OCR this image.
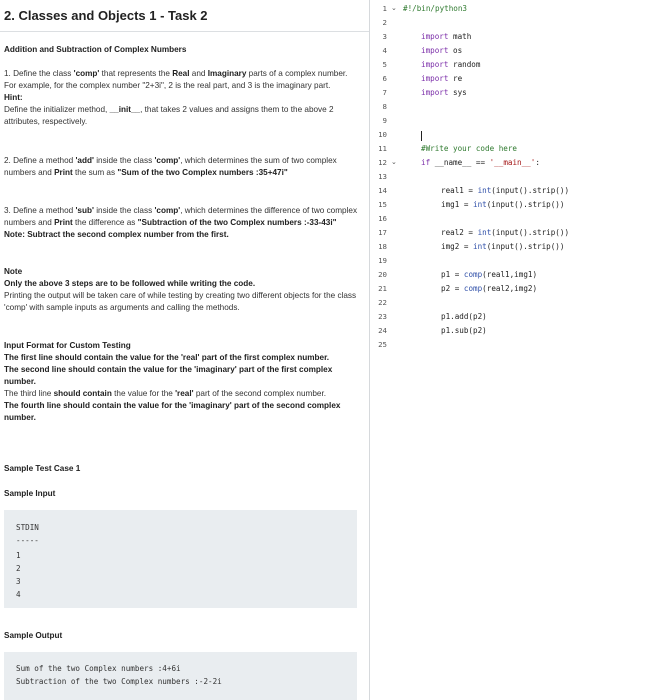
2. Classes and Objects 1 - Task 2
Addition and Subtraction of Complex Numbers
1. Define the class 'comp' that represents the Real and Imaginary parts of a complex number. For example, for the complex number "2+3i", 2 is the real part, and 3 is the imaginary part.
Hint:
Define the initializer method, __init__, that takes 2 values and assigns them to the above 2 attributes, respectively.
2. Define a method 'add' inside the class 'comp', which determines the sum of two complex numbers and Print the sum as "Sum of the two Complex numbers :35+47i"
3. Define a method 'sub' inside the class 'comp', which determines the difference of two complex numbers and Print the difference as "Subtraction of the two Complex numbers :-33-43i"
Note: Subtract the second complex number from the first.
Note
Only the above 3 steps are to be followed while writing the code.
Printing the output will be taken care of while testing by creating two different objects for the class 'comp' with sample inputs as arguments and calling the methods.
Input Format for Custom Testing
The first line should contain the value for the 'real' part of the first complex number.
The second line should contain the value for the 'imaginary' part of the first complex number.
The third line should contain the value for the 'real' part of the second complex number.
The fourth line should contain the value for the 'imaginary' part of the second complex number.
Sample Test Case 1
Sample Input
STDIN
-----
1
2
3
4
Sample Output
Sum of the two Complex numbers :4+6i
Subtraction of the two Complex numbers :-2-2i
1
2
3
4
5
6
7
8
9
10
11
12
13
14
15
16
17
18
19
20
21
22
23
24
25
⌄
⌄
#!/bin/python3
import math
import os
import random
import re
import sys
#Write your code here
if __name__ == '__main__':
real1 = int(input().strip())
img1 = int(input().strip())
real2 = int(input().strip())
img2 = int(input().strip())
p1 = comp(real1,img1)
p2 = comp(real2,img2)
p1.add(p2)
p1.sub(p2)
